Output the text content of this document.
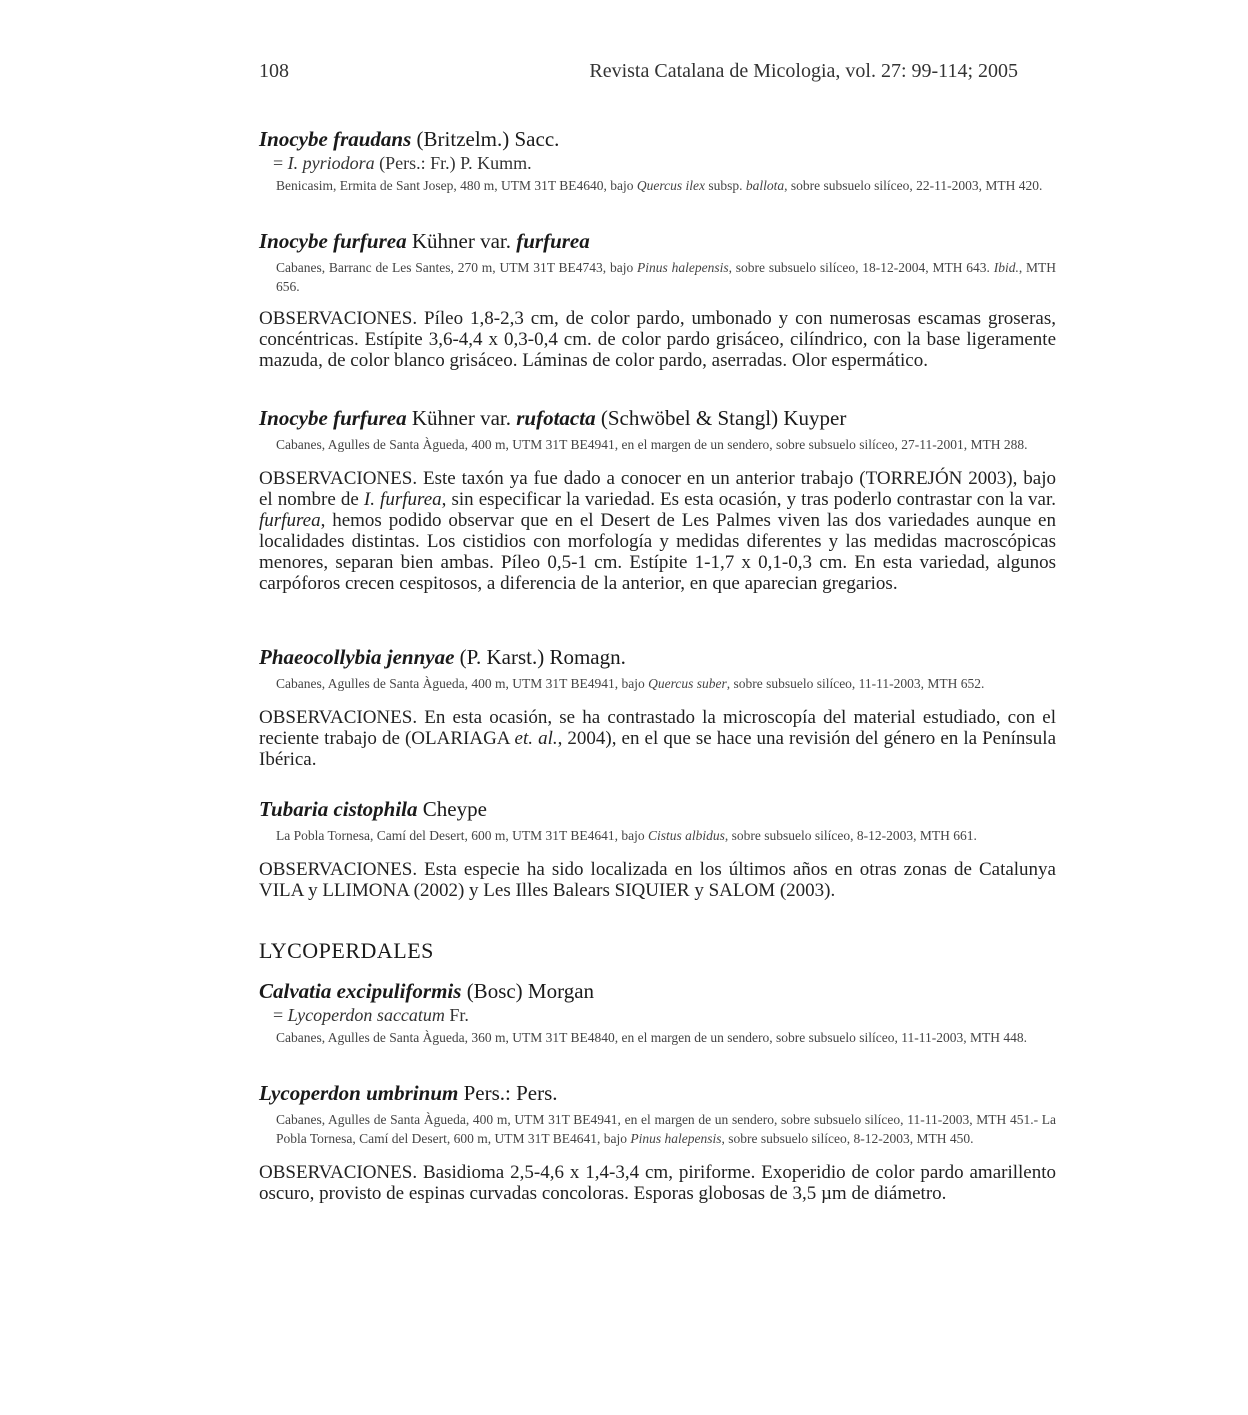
108	Revista Catalana de Micologia, vol. 27: 99-114; 2005

Inocybe fraudans (Britzelm.) Sacc.

= I. pyriodora (Pers.: Fr.) P. Kumm.

Benicasim, Ermita de Sant Josep, 480 m, UTM 31T BE4640, bajo Quercus ilex subsp. ballota, sobre subsuelo silíceo, 22-11-2003, MTH 420.

Inocybe furfurea Kühner var. furfurea

Cabanes, Barranc de Les Santes, 270 m, UTM 31T BE4743, bajo Pinus halepensis, sobre subsuelo silíceo, 18-12-2004, MTH 643. Ibid., MTH 656.

OBSERVACIONES. Píleo 1,8-2,3 cm, de color pardo, umbonado y con numerosas escamas groseras, concéntricas. Estípite 3,6-4,4 x 0,3-0,4 cm. de color pardo grisáceo, cilíndrico, con la base ligeramente mazuda, de color blanco grisáceo. Láminas de color pardo, aserradas. Olor espermático.

Inocybe furfurea Kühner var. rufotacta (Schwöbel & Stangl) Kuyper

Cabanes, Agulles de Santa Àgueda, 400 m, UTM 31T BE4941, en el margen de un sendero, sobre subsuelo silíceo, 27-11-2001, MTH 288.

OBSERVACIONES. Este taxón ya fue dado a conocer en un anterior trabajo (TORREJÓN 2003), bajo el nombre de I. furfurea, sin especificar la variedad. Es esta ocasión, y tras poderlo contrastar con la var. furfurea, hemos podido observar que en el Desert de Les Palmes viven las dos variedades aunque en localidades distintas. Los cistidios con morfología y medidas diferentes y las medidas macroscópicas menores, separan bien ambas. Píleo 0,5-1 cm. Estípite 1-1,7 x 0,1-0,3 cm. En esta variedad, algunos carpóforos crecen cespitosos, a diferencia de la anterior, en que aparecian gregarios.

Phaeocollybia jennyae (P. Karst.) Romagn.

Cabanes, Agulles de Santa Àgueda, 400 m, UTM 31T BE4941, bajo Quercus suber, sobre subsuelo silíceo, 11-11-2003, MTH 652.

OBSERVACIONES. En esta ocasión, se ha contrastado la microscopía del material estudiado, con el reciente trabajo de (OLARIAGA et. al., 2004), en el que se hace una revisión del género en la Península Ibérica.

Tubaria cistophila Cheype

La Pobla Tornesa, Camí del Desert, 600 m, UTM 31T BE4641, bajo Cistus albidus, sobre subsuelo silíceo, 8-12-2003, MTH 661.

OBSERVACIONES. Esta especie ha sido localizada en los últimos años en otras zonas de Catalunya VILA y LLIMONA (2002) y Les Illes Balears SIQUIER y SALOM (2003).

LYCOPERDALES

Calvatia excipuliformis (Bosc) Morgan

= Lycoperdon saccatum Fr.

Cabanes, Agulles de Santa Àgueda, 360 m, UTM 31T BE4840, en el margen de un sendero, sobre subsuelo silíceo, 11-11-2003, MTH 448.

Lycoperdon umbrinum Pers.: Pers.

Cabanes, Agulles de Santa Àgueda, 400 m, UTM 31T BE4941, en el margen de un sendero, sobre subsuelo silíceo, 11-11-2003, MTH 451.- La Pobla Tornesa, Camí del Desert, 600 m, UTM 31T BE4641, bajo Pinus halepensis, sobre subsuelo silíceo, 8-12-2003, MTH 450.

OBSERVACIONES. Basidioma 2,5-4,6 x 1,4-3,4 cm, piriforme. Exoperidio de color pardo amarillento oscuro, provisto de espinas curvadas concoloras. Esporas globosas de 3,5 µm de diámetro.
